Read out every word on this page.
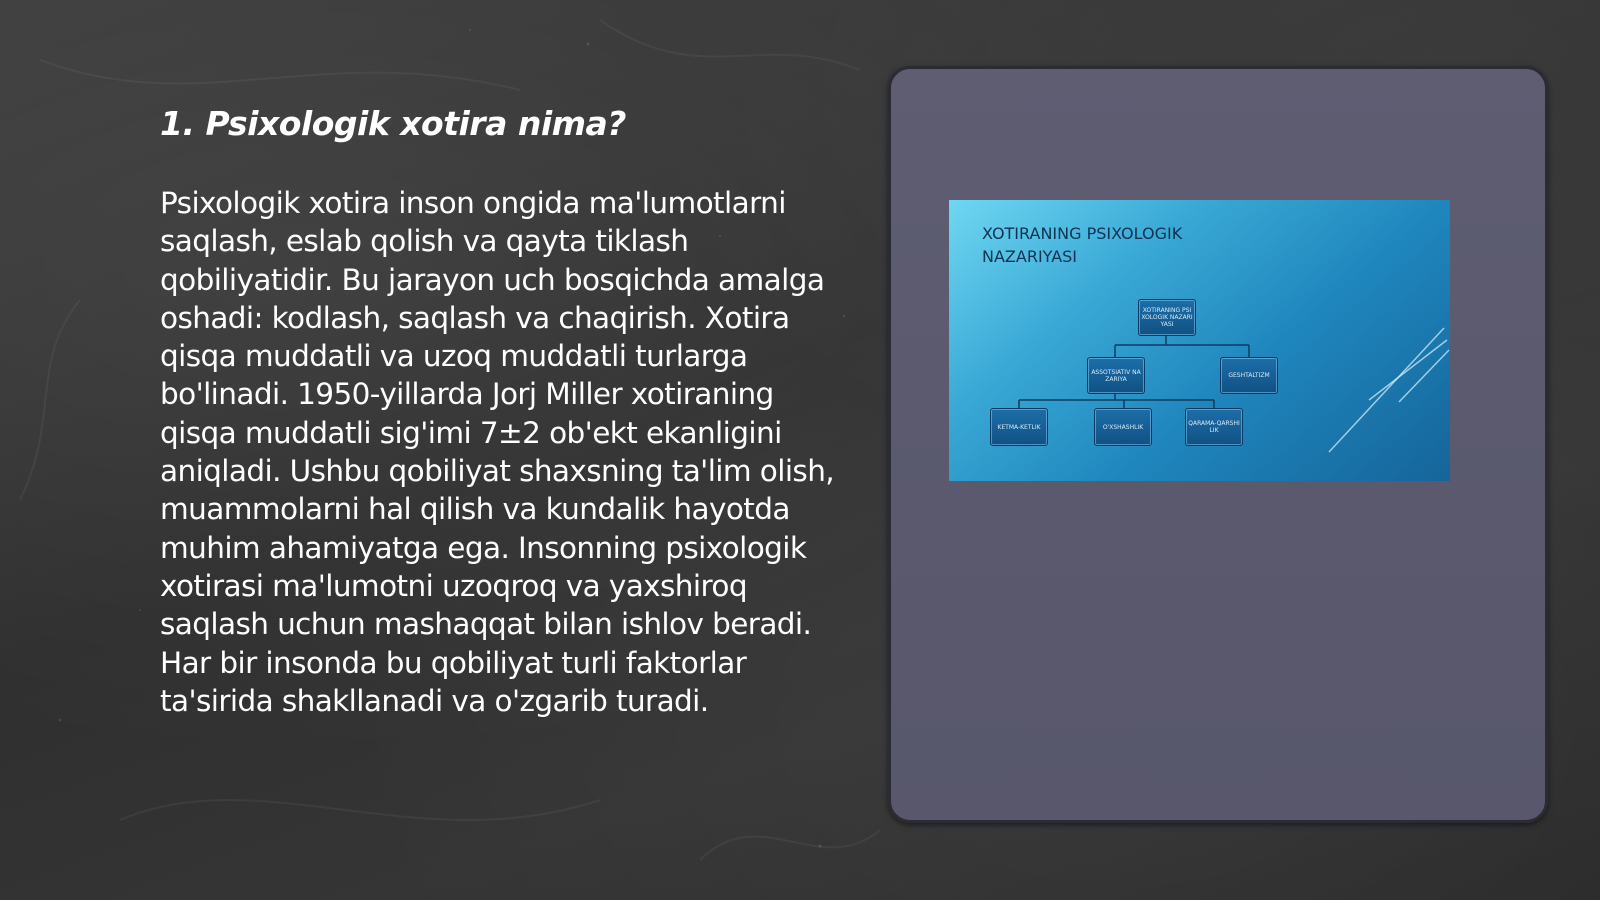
1. Psixologik xotira nima?

Psixologik xotira inson ongida ma'lumotlarni saqlash, eslab qolish va qayta tiklash qobiliyatidir. Bu jarayon uch bosqichda amalga oshadi: kodlash, saqlash va chaqirish. Xotira qisqa muddatli va uzoq muddatli turlarga bo'linadi. 1950-yillarda Jorj Miller xotiraning qisqa muddatli sig'imi 7±2 ob'ekt ekanligini aniqladi. Ushbu qobiliyat shaxsning ta'lim olish, muammolarni hal qilish va kundalik hayotda muhim ahamiyatga ega. Insonning psixologik xotirasi ma'lumotni uzoqroq va yaxshiroq saqlash uchun mashaqqat bilan ishlov beradi. Har bir insonda bu qobiliyat turli faktorlar ta'sirida shakllanadi va o'zgarib turadi.

XOTIRANING PSIXOLOGIK NAZARIYASI

XOTIRANING PSIXOLOGIK NAZARIYASI
ASSOTSIATIV NAZARIYA	GESHTALTIZM
KETMA-KETLIK	O'XSHASHLIK	QARAMA-QARSHILIK
